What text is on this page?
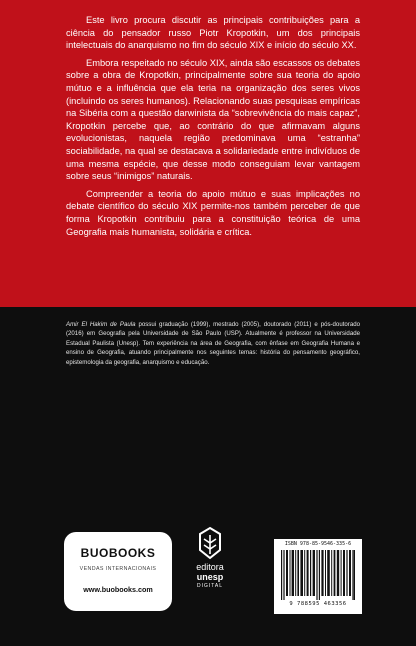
Este livro procura discutir as principais contribuições para a ciência do pensador russo Piotr Kropotkin, um dos principais intelectuais do anarquismo no fim do século XIX e início do século XX.

Embora respeitado no século XIX, ainda são escassos os debates sobre a obra de Kropotkin, principalmente sobre sua teoria do apoio mútuo e a influência que ela teria na organização dos seres vivos (incluindo os seres humanos). Relacionando suas pesquisas empíricas na Sibéria com a questão darwinista da “sobrevivência do mais capaz”, Kropotkin percebe que, ao contrário do que afirmavam alguns evolucionistas, naquela região predominava uma “estranha” sociabilidade, na qual se destacava a solidariedade entre indivíduos de uma mesma espécie, que desse modo conseguiam levar vantagem sobre seus “inimigos” naturais.

Compreender a teoria do apoio mútuo e suas implicações no debate científico do século XIX permite-nos também perceber de que forma Kropotkin contribuiu para a constituição teórica de uma Geografia mais humanista, solidária e crítica.

Amir El Hakim de Paula possui graduação (1999), mestrado (2005), doutorado (2011) e pós-doutorado (2016) em Geografia pela Universidade de São Paulo (USP). Atualmente é professor na Universidade Estadual Paulista (Unesp). Tem experiência na área de Geografia, com ênfase em Geografia Humana e ensino de Geografia, atuando principalmente nos seguintes temas: história do pensamento geográfico, epistemologia da geografia, anarquismo e educação.

BUOBOOKS
VENDAS INTERNACIONAIS
www.buobooks.com
editora
unesp
DIGITAL
ISBN 978-85-9546-335-6
9 788595 463356
